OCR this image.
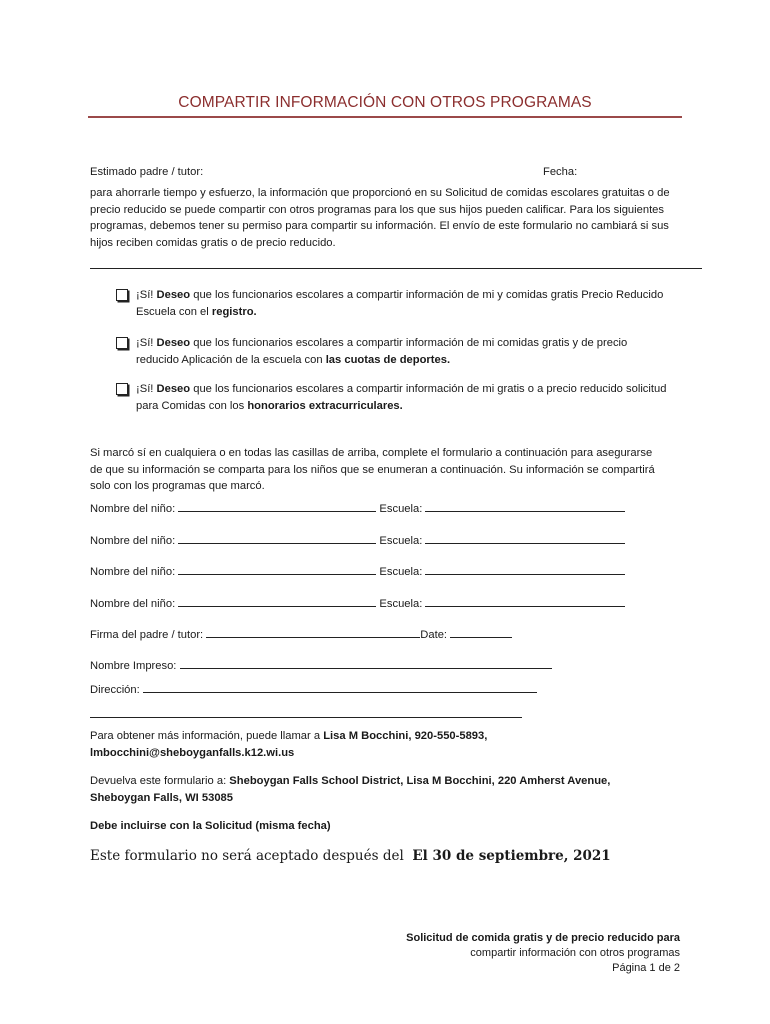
COMPARTIR INFORMACIÓN CON OTROS PROGRAMAS
Estimado padre / tutor:	Fecha:
para ahorrarle tiempo y esfuerzo, la información que proporcionó en su Solicitud de comidas escolares gratuitas o de precio reducido se puede compartir con otros programas para los que sus hijos pueden calificar. Para los siguientes programas, debemos tener su permiso para compartir su información. El envío de este formulario no cambiará si sus hijos reciben comidas gratis o de precio reducido.
¡Sí! Deseo que los funcionarios escolares a compartir información de mi y comidas gratis Precio Reducido Escuela con el registro.
¡Sí! Deseo que los funcionarios escolares a compartir información de mi comidas gratis y de precio reducido Aplicación de la escuela con las cuotas de deportes.
¡Sí! Deseo que los funcionarios escolares a compartir información de mi gratis o a precio reducido solicitud para Comidas con los honorarios extracurriculares.
Si marcó sí en cualquiera o en todas las casillas de arriba, complete el formulario a continuación para asegurarse de que su información se comparta para los niños que se enumeran a continuación. Su información se compartirá solo con los programas que marcó.
Nombre del niño:	Escuela:
Nombre del niño:	Escuela:
Nombre del niño:	Escuela:
Nombre del niño:	Escuela:
Firma del padre / tutor:	Date:
Nombre Impreso:
Dirección:
Para obtener más información, puede llamar a Lisa M Bocchini, 920-550-5893,
lmbocchini@sheboyganfalls.k12.wi.us
Devuelva este formulario a: Sheboygan Falls School District, Lisa M Bocchini, 220 Amherst Avenue,
Sheboygan Falls, WI 53085
Debe incluirse con la Solicitud (misma fecha)
Este formulario no será aceptado después del El 30 de septiembre, 2021
Solicitud de comida gratis y de precio reducido para
compartir información con otros programas
Página 1 de 2
